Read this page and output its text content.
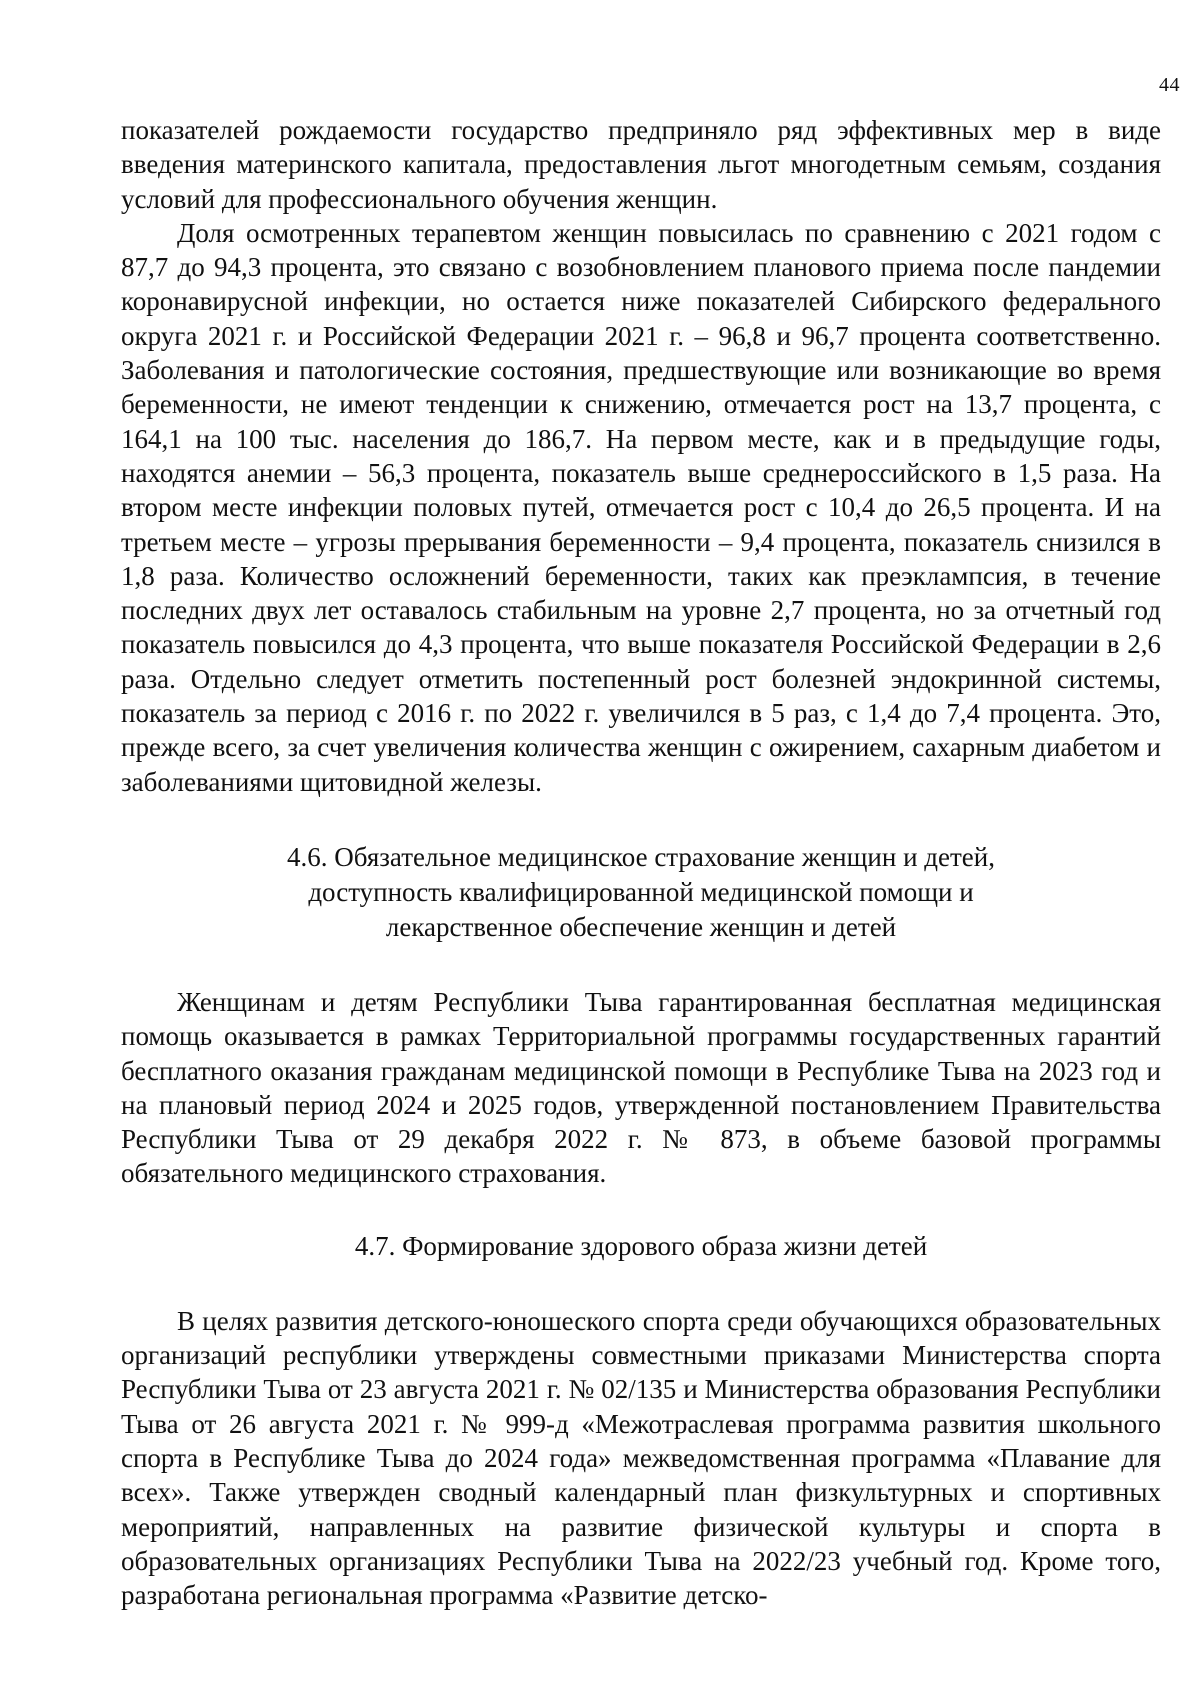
44

показателей рождаемости государство предприняло ряд эффективных мер в виде введения материнского капитала, предоставления льгот многодетным семьям, создания условий для профессионального обучения женщин.

Доля осмотренных терапевтом женщин повысилась по сравнению с 2021 годом с 87,7 до 94,3 процента, это связано с возобновлением планового приема после пандемии коронавирусной инфекции, но остается ниже показателей Сибирского федерального округа 2021 г. и Российской Федерации 2021 г. – 96,8 и 96,7 процента соответственно. Заболевания и патологические состояния, предшествующие или возникающие во время беременности, не имеют тенденции к снижению, отмечается рост на 13,7 процента, с 164,1 на 100 тыс. населения до 186,7. На первом месте, как и в предыдущие годы, находятся анемии – 56,3 процента, показатель выше среднероссийского в 1,5 раза. На втором месте инфекции половых путей, отмечается рост с 10,4 до 26,5 процента. И на третьем месте – угрозы прерывания беременности – 9,4 процента, показатель снизился в 1,8 раза. Количество осложнений беременности, таких как преэклампсия, в течение последних двух лет оставалось стабильным на уровне 2,7 процента, но за отчетный год показатель повысился до 4,3 процента, что выше показателя Российской Федерации в 2,6 раза. Отдельно следует отметить постепенный рост болезней эндокринной системы, показатель за период с 2016 г. по 2022 г. увеличился в 5 раз, с 1,4 до 7,4 процента. Это, прежде всего, за счет увеличения количества женщин с ожирением, сахарным диабетом и заболеваниями щитовидной железы.

4.6. Обязательное медицинское страхование женщин и детей, доступность квалифицированной медицинской помощи и лекарственное обеспечение женщин и детей

Женщинам и детям Республики Тыва гарантированная бесплатная медицинская помощь оказывается в рамках Территориальной программы государственных гарантий бесплатного оказания гражданам медицинской помощи в Республике Тыва на 2023 год и на плановый период 2024 и 2025 годов, утвержденной постановлением Правительства Республики Тыва от 29 декабря 2022 г. № 873, в объеме базовой программы обязательного медицинского страхования.

4.7. Формирование здорового образа жизни детей

В целях развития детского-юношеского спорта среди обучающихся образовательных организаций республики утверждены совместными приказами Министерства спорта Республики Тыва от 23 августа 2021 г. № 02/135 и Министерства образования Республики Тыва от 26 августа 2021 г. № 999-д «Межотраслевая программа развития школьного спорта в Республике Тыва до 2024 года» межведомственная программа «Плавание для всех». Также утвержден сводный календарный план физкультурных и спортивных мероприятий, направленных на развитие физической культуры и спорта в образовательных организациях Республики Тыва на 2022/23 учебный год. Кроме того, разработана региональная программа «Развитие детско-
